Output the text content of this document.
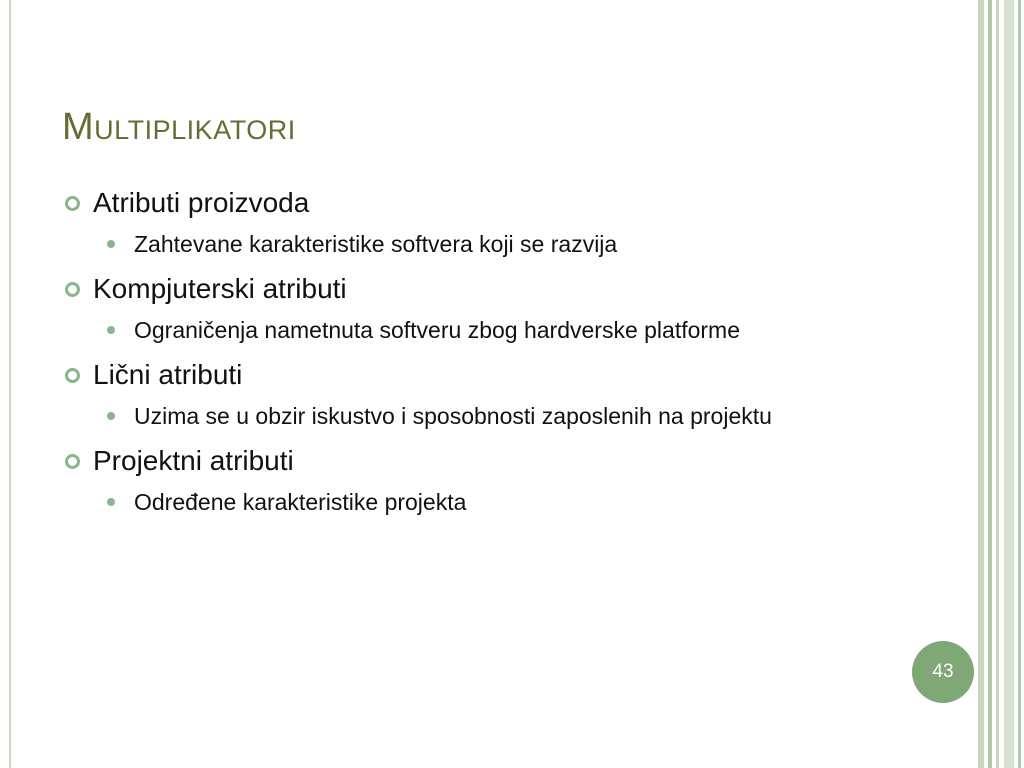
Multiplikatori
Atributi proizvoda
Zahtevane karakteristike softvera koji se razvija
Kompjuterski atributi
Ograničenja nametnuta softveru zbog hardverske platforme
Lični atributi
Uzima se u obzir iskustvo i sposobnosti zaposlenih na projektu
Projektni atributi
Određene karakteristike projekta
43
